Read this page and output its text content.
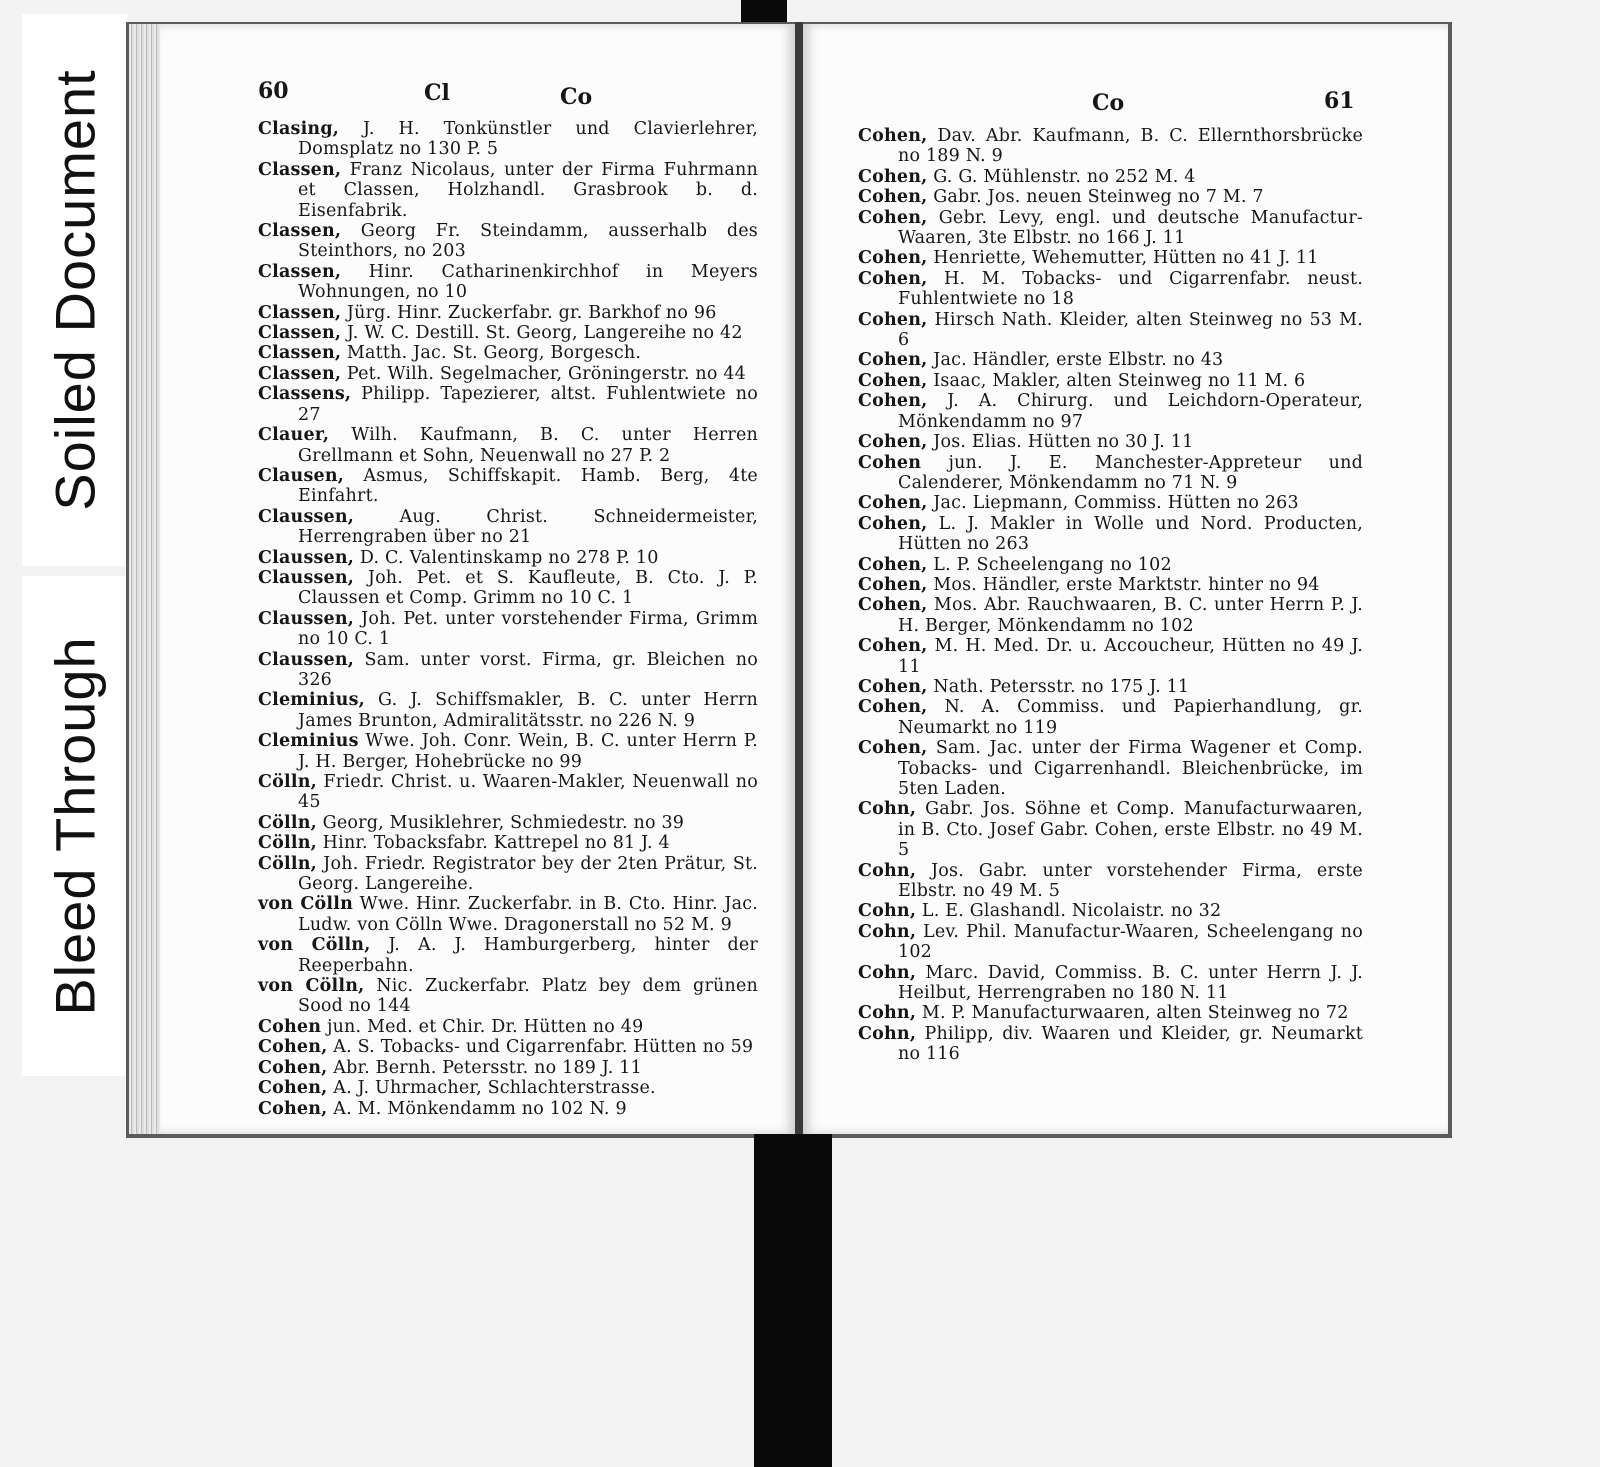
Soiled Document
Bleed Through
60	Cl	Co	Co	61
Clasing, J. H. Tonkünstler und Clavierlehrer, Domsplatz no 130 P. 5
Classen, Franz Nicolaus, unter der Firma Fuhrmann et Classen, Holzhandl. Grasbrook b. d. Eisenfabrik.
Classen, Georg Fr. Steindamm, ausserhalb des Steinthors, no 203
Classen, Hinr. Catharinenkirchhof in Meyers Wohnungen, no 10
Classen, Jürg. Hinr. Zuckerfabr. gr. Barkhof no 96
Classen, J. W. C. Destill. St. Georg, Langereihe no 42
Classen, Matth. Jac. St. Georg, Borgesch.
Classen, Pet. Wilh. Segelmacher, Gröningerstr. no 44
Classens, Philipp. Tapezierer, altst. Fuhlentwiete no 27
Clauer, Wilh. Kaufmann, B. C. unter Herren Grellmann et Sohn, Neuenwall no 27 P. 2
Clausen, Asmus, Schiffskapit. Hamb. Berg, 4te Einfahrt.
Claussen, Aug. Christ. Schneidermeister, Herrengraben über no 21
Claussen, D. C. Valentinskamp no 278 P. 10
Claussen, Joh. Pet. et S. Kaufleute, B. Cto. J. P. Claussen et Comp. Grimm no 10 C. 1
Claussen, Joh. Pet. unter vorstehender Firma, Grimm no 10 C. 1
Claussen, Sam. unter vorst. Firma, gr. Bleichen no 326
Cleminius, G. J. Schiffsmakler, B. C. unter Herrn James Brunton, Admiralitätsstr. no 226 N. 9
Cleminius Wwe. Joh. Conr. Wein, B. C. unter Herrn P. J. H. Berger, Hohebrücke no 99
Cölln, Friedr. Christ. u. Waaren-Makler, Neuenwall no 45
Cölln, Georg, Musiklehrer, Schmiedestr. no 39
Cölln, Hinr. Tobacksfabr. Kattrepel no 81 J. 4
Cölln, Joh. Friedr. Registrator bey der 2ten Prätur, St. Georg. Langereihe.
von Cölln Wwe. Hinr. Zuckerfabr. in B. Cto. Hinr. Jac. Ludw. von Cölln Wwe. Dragonerstall no 52 M. 9
von Cölln, J. A. J. Hamburgerberg, hinter der Reeperbahn.
von Cölln, Nic. Zuckerfabr. Platz bey dem grünen Sood no 144
Cohen jun. Med. et Chir. Dr. Hütten no 49
Cohen, A. S. Tobacks- und Cigarrenfabr. Hütten no 59
Cohen, Abr. Bernh. Petersstr. no 189 J. 11
Cohen, A. J. Uhrmacher, Schlachterstrasse.
Cohen, A. M. Mönkendamm no 102 N. 9
Cohen, Dav. Abr. Kaufmann, B. C. Ellernthorsbrücke no 189 N. 9
Cohen, G. G. Mühlenstr. no 252 M. 4
Cohen, Gabr. Jos. neuen Steinweg no 7 M. 7
Cohen, Gebr. Levy, engl. und deutsche Manufactur-Waaren, 3te Elbstr. no 166 J. 11
Cohen, Henriette, Wehemutter, Hütten no 41 J. 11
Cohen, H. M. Tobacks- und Cigarrenfabr. neust. Fuhlentwiete no 18
Cohen, Hirsch Nath. Kleider, alten Steinweg no 53 M. 6
Cohen, Jac. Händler, erste Elbstr. no 43
Cohen, Isaac, Makler, alten Steinweg no 11 M. 6
Cohen, J. A. Chirurg. und Leichdorn-Operateur, Mönkendamm no 97
Cohen, Jos. Elias. Hütten no 30 J. 11
Cohen jun. J. E. Manchester-Appreteur und Calenderer, Mönkendamm no 71 N. 9
Cohen, Jac. Liepmann, Commiss. Hütten no 263
Cohen, L. J. Makler in Wolle und Nord. Producten, Hütten no 263
Cohen, L. P. Scheelengang no 102
Cohen, Mos. Händler, erste Marktstr. hinter no 94
Cohen, Mos. Abr. Rauchwaaren, B. C. unter Herrn P. J. H. Berger, Mönkendamm no 102
Cohen, M. H. Med. Dr. u. Accoucheur, Hütten no 49 J. 11
Cohen, Nath. Petersstr. no 175 J. 11
Cohen, N. A. Commiss. und Papierhandlung, gr. Neumarkt no 119
Cohen, Sam. Jac. unter der Firma Wagener et Comp. Tobacks- und Cigarrenhandl. Bleichenbrücke, im 5ten Laden.
Cohn, Gabr. Jos. Söhne et Comp. Manufacturwaaren, in B. Cto. Josef Gabr. Cohen, erste Elbstr. no 49 M. 5
Cohn, Jos. Gabr. unter vorstehender Firma, erste Elbstr. no 49 M. 5
Cohn, L. E. Glashandl. Nicolaistr. no 32
Cohn, Lev. Phil. Manufactur-Waaren, Scheelengang no 102
Cohn, Marc. David, Commiss. B. C. unter Herrn J. J. Heilbut, Herrengraben no 180 N. 11
Cohn, M. P. Manufacturwaaren, alten Steinweg no 72
Cohn, Philipp, div. Waaren und Kleider, gr. Neumarkt no 116
